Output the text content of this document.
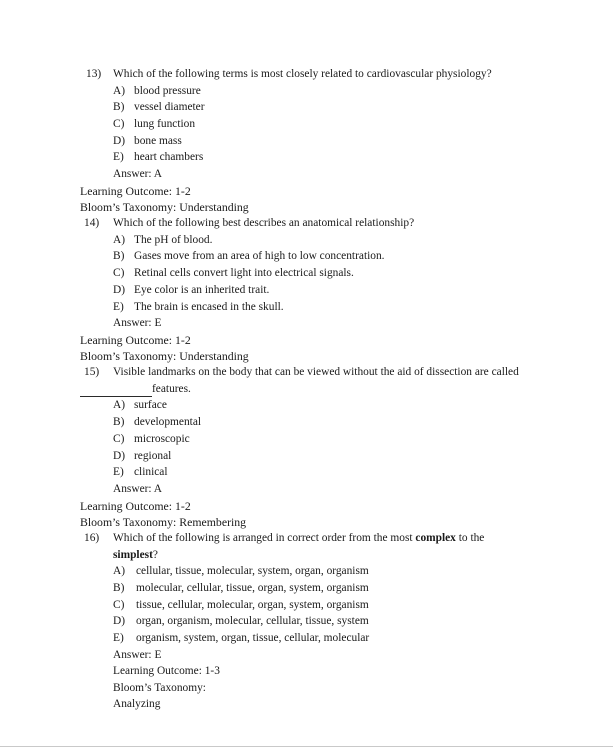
13)	Which of the following terms is most closely related to cardiovascular physiology?
A) blood pressure
B) vessel diameter
C) lung function
D) bone mass
E) heart chambers
Answer: A
Learning Outcome: 1-2
Bloom’s Taxonomy: Understanding
14)	Which of the following best describes an anatomical relationship?
A) The pH of blood.
B) Gases move from an area of high to low concentration.
C) Retinal cells convert light into electrical signals.
D) Eye color is an inherited trait.
E) The brain is encased in the skull.
Answer: E
Learning Outcome: 1-2
Bloom’s Taxonomy: Understanding
15)	Visible landmarks on the body that can be viewed without the aid of dissection are called
features.
A) surface
B) developmental
C) microscopic
D) regional
E) clinical
Answer: A
Learning Outcome: 1-2
Bloom’s Taxonomy: Remembering
16)	Which of the following is arranged in correct order from the most complex to the simplest?
A) cellular, tissue, molecular, system, organ, organism
B) molecular, cellular, tissue, organ, system, organism
C) tissue, cellular, molecular, organ, system, organism
D) organ, organism, molecular, cellular, tissue, system
E) organism, system, organ, tissue, cellular, molecular
Answer: E
Learning Outcome: 1-3
Bloom’s Taxonomy:
Analyzing
